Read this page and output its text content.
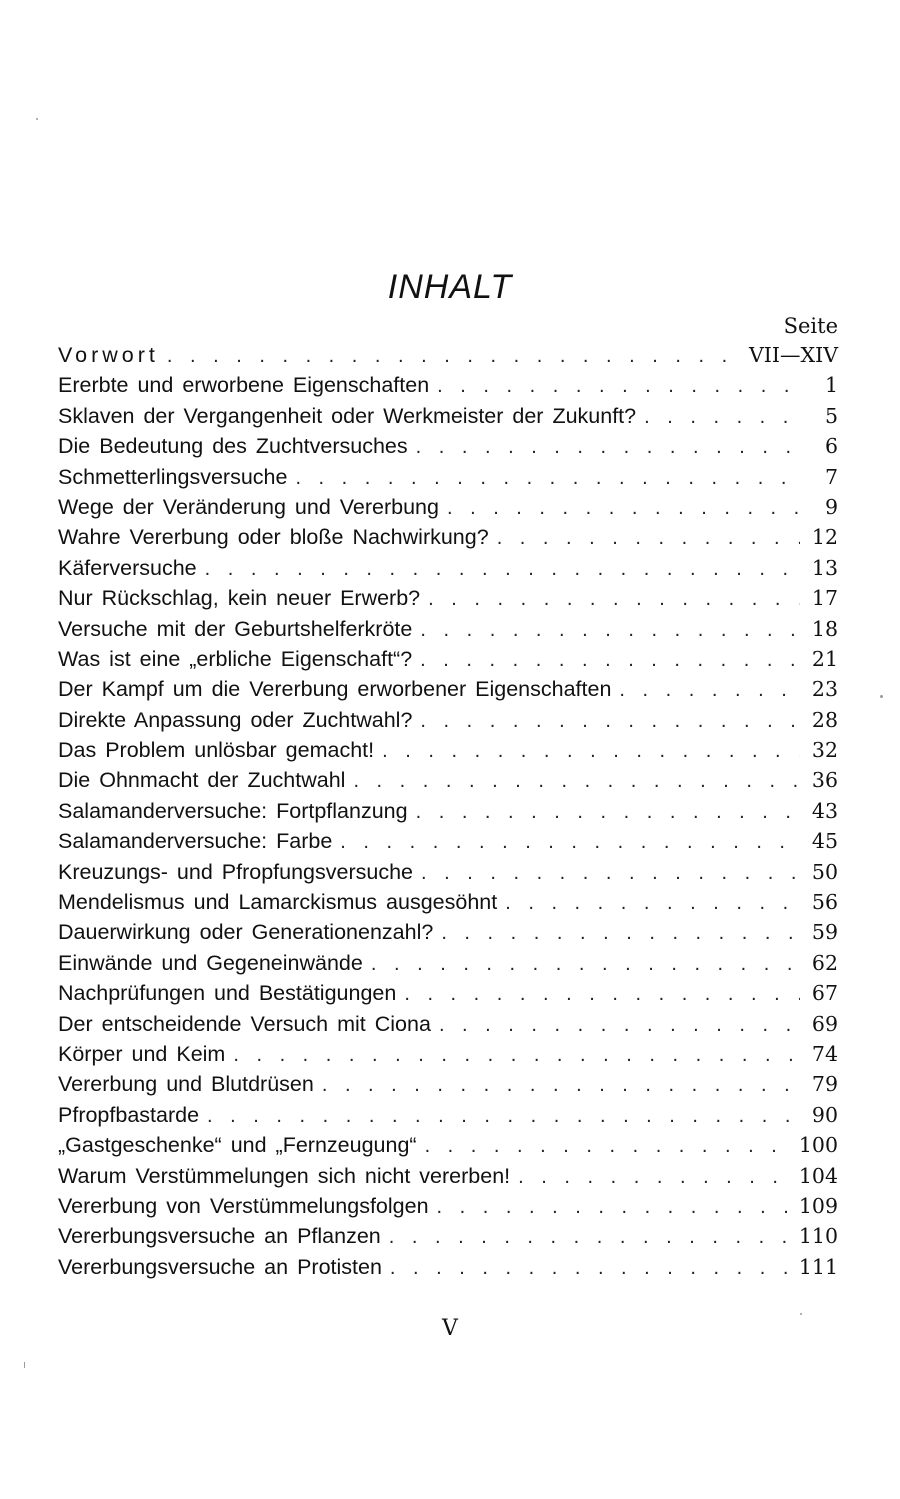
INHALT
Seite
Vorwort . . .	VII—XIV
Ererbte und erworbene Eigenschaften . . .	1
Sklaven der Vergangenheit oder Werkmeister der Zukunft? . . .	5
Die Bedeutung des Zuchtversuches . . .	6
Schmetterlingsversuche . . .	7
Wege der Veränderung und Vererbung . . .	9
Wahre Vererbung oder bloße Nachwirkung? . . .	12
Käferversuche . . .	13
Nur Rückschlag, kein neuer Erwerb? . . .	17
Versuche mit der Geburtshelferkröte . . .	18
Was ist eine „erbliche Eigenschaft“? . . .	21
Der Kampf um die Vererbung erworbener Eigenschaften . . .	23
Direkte Anpassung oder Zuchtwahl? . . .	28
Das Problem unlösbar gemacht! . . .	32
Die Ohnmacht der Zuchtwahl . . .	36
Salamanderversuche: Fortpflanzung . . .	43
Salamanderversuche: Farbe . . .	45
Kreuzungs- und Pfropfungsversuche . . .	50
Mendelismus und Lamarckismus ausgesöhnt . . .	56
Dauerwirkung oder Generationenzahl? . . .	59
Einwände und Gegeneinwände . . .	62
Nachprüfungen und Bestätigungen . . .	67
Der entscheidende Versuch mit Ciona . . .	69
Körper und Keim . . .	74
Vererbung und Blutdrüsen . . .	79
Pfropfbastarde . . .	90
„Gastgeschenke“ und „Fernzeugung“ . . .	100
Warum Verstümmelungen sich nicht vererben! . . .	104
Vererbung von Verstümmelungsfolgen . . .	109
Vererbungsversuche an Pflanzen . . .	110
Vererbungsversuche an Protisten . . .	111
V
